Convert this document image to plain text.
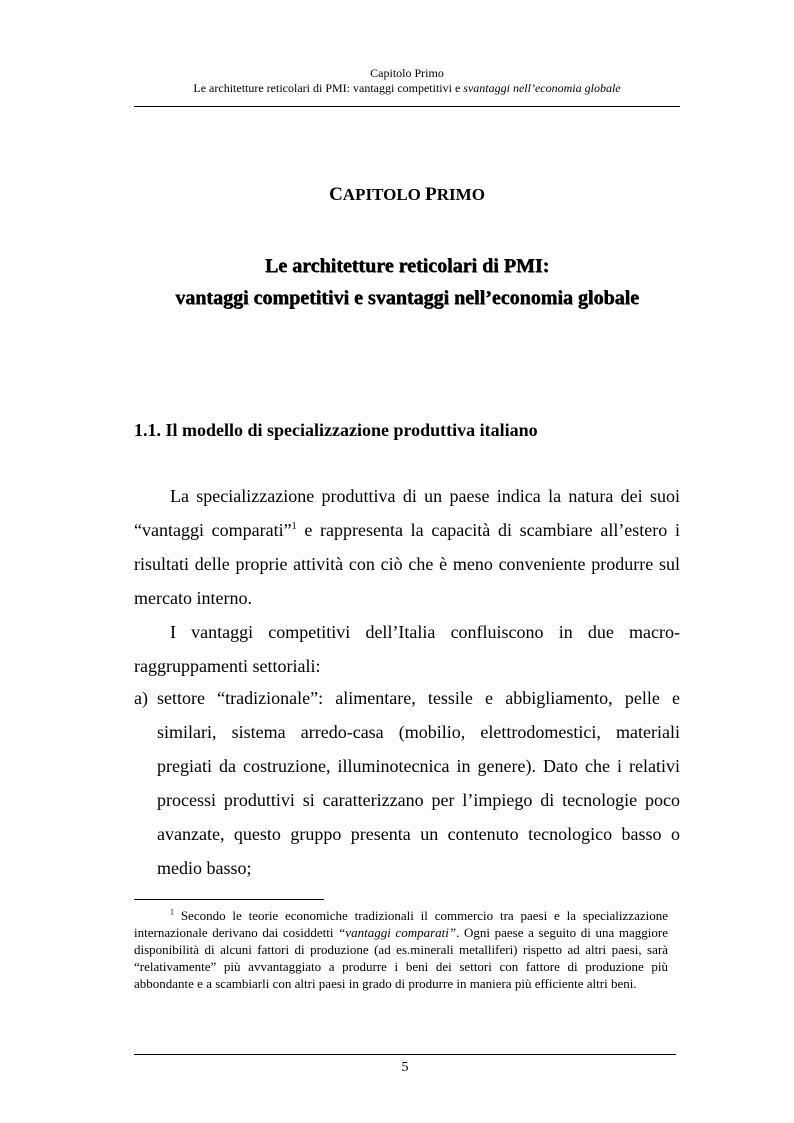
Capitolo Primo
Le architetture reticolari di PMI: vantaggi competitivi e svantaggi nell’economia globale
CAPITOLO PRIMO
Le architetture reticolari di PMI:
vantaggi competitivi e svantaggi nell’economia globale
1.1. Il modello di specializzazione produttiva italiano
La specializzazione produttiva di un paese indica la natura dei suoi “vantaggi comparati”$^1$ e rappresenta la capacità di scambiare all’estero i risultati delle proprie attività con ciò che è meno conveniente produrre sul mercato interno.
I vantaggi competitivi dell’Italia confluiscono in due macro-raggruppamenti settoriali:
a) settore “tradizionale”: alimentare, tessile e abbigliamento, pelle e similari, sistema arredo-casa (mobilio, elettrodomestici, materiali pregiati da costruzione, illuminotecnica in genere). Dato che i relativi processi produttivi si caratterizzano per l’impiego di tecnologie poco avanzate, questo gruppo presenta un contenuto tecnologico basso o medio basso;
$^1$ Secondo le teorie economiche tradizionali il commercio tra paesi e la specializzazione internazionale derivano dai cosiddetti “vantaggi comparati”. Ogni paese a seguito di una maggiore disponibilità di alcuni fattori di produzione (ad es.minerali metalliferi) rispetto ad altri paesi, sarà “relativamente” più avvantaggiato a produrre i beni dei settori con fattore di produzione più abbondante e a scambiarli con altri paesi in grado di produrre in maniera più efficiente altri beni.
5
